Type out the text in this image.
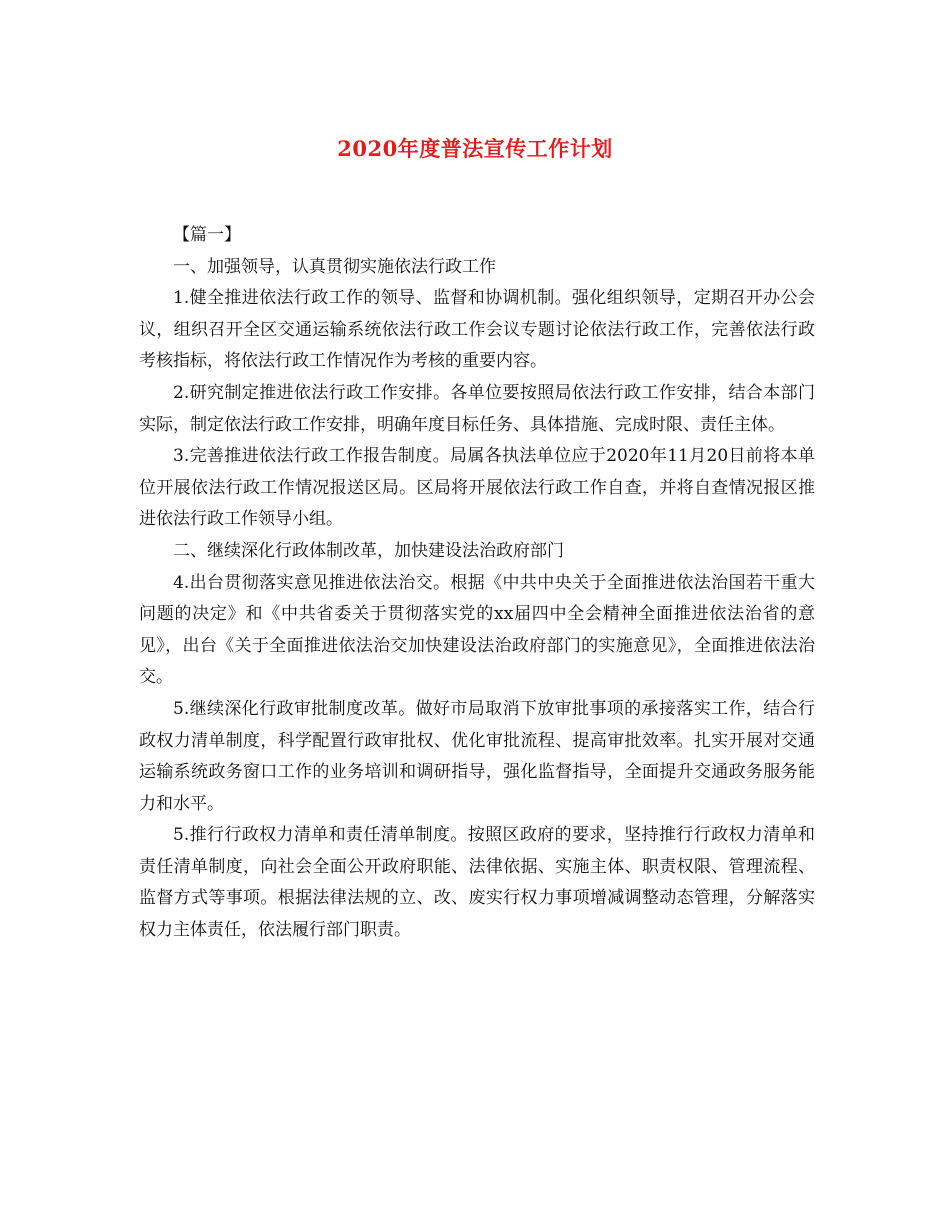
2020年度普法宣传工作计划

【篇一】

一、加强领导，认真贯彻实施依法行政工作

1.健全推进依法行政工作的领导、监督和协调机制。强化组织领导，定期召开办公会议，组织召开全区交通运输系统依法行政工作会议专题讨论依法行政工作，完善依法行政考核指标，将依法行政工作情况作为考核的重要内容。

2.研究制定推进依法行政工作安排。各单位要按照局依法行政工作安排，结合本部门实际，制定依法行政工作安排，明确年度目标任务、具体措施、完成时限、责任主体。

3.完善推进依法行政工作报告制度。局属各执法单位应于2020年11月20日前将本单位开展依法行政工作情况报送区局。区局将开展依法行政工作自查，并将自查情况报区推进依法行政工作领导小组。

二、继续深化行政体制改革，加快建设法治政府部门

4.出台贯彻落实意见推进依法治交。根据《中共中央关于全面推进依法治国若干重大问题的决定》和《中共省委关于贯彻落实党的xx届四中全会精神全面推进依法治省的意见》，出台《关于全面推进依法治交加快建设法治政府部门的实施意见》，全面推进依法治交。

5.继续深化行政审批制度改革。做好市局取消下放审批事项的承接落实工作，结合行政权力清单制度，科学配置行政审批权、优化审批流程、提高审批效率。扎实开展对交通运输系统政务窗口工作的业务培训和调研指导，强化监督指导，全面提升交通政务服务能力和水平。

5.推行行政权力清单和责任清单制度。按照区政府的要求，坚持推行行政权力清单和责任清单制度，向社会全面公开政府职能、法律依据、实施主体、职责权限、管理流程、监督方式等事项。根据法律法规的立、改、废实行权力事项增减调整动态管理，分解落实权力主体责任，依法履行部门职责。
